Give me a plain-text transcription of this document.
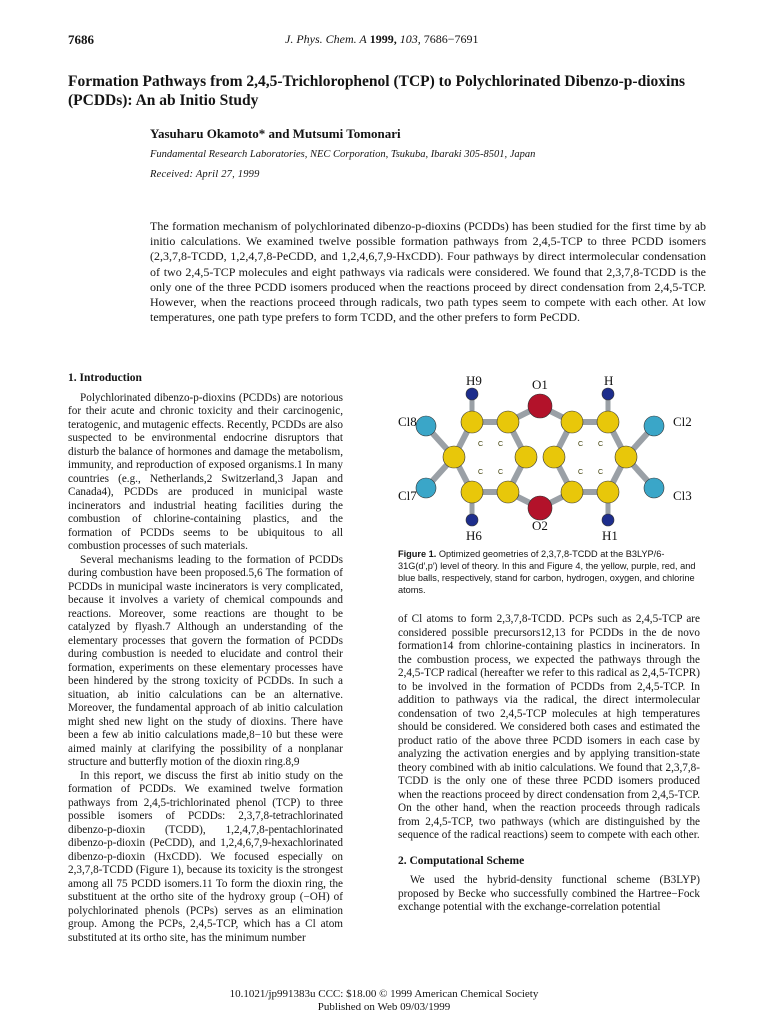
7686	J. Phys. Chem. A 1999, 103, 7686−7691
Formation Pathways from 2,4,5-Trichlorophenol (TCP) to Polychlorinated Dibenzo-p-dioxins (PCDDs): An ab Initio Study
Yasuharu Okamoto* and Mutsumi Tomonari
Fundamental Research Laboratories, NEC Corporation, Tsukuba, Ibaraki 305-8501, Japan
Received: April 27, 1999
The formation mechanism of polychlorinated dibenzo-p-dioxins (PCDDs) has been studied for the first time by ab initio calculations. We examined twelve possible formation pathways from 2,4,5-TCP to three PCDD isomers (2,3,7,8-TCDD, 1,2,4,7,8-PeCDD, and 1,2,4,6,7,9-HxCDD). Four pathways by direct intermolecular condensation of two 2,4,5-TCP molecules and eight pathways via radicals were considered. We found that 2,3,7,8-TCDD is the only one of the three PCDD isomers produced when the reactions proceed by direct condensation from 2,4,5-TCP. However, when the reactions proceed through radicals, two path types seem to compete with each other. At low temperatures, one path type prefers to form TCDD, and the other prefers to form PeCDD.
1. Introduction

Polychlorinated dibenzo-p-dioxins (PCDDs) are notorious for their acute and chronic toxicity and their carcinogenic, teratogenic, and mutagenic effects. Recently, PCDDs are also suspected to be environmental endocrine disruptors that disturb the balance of hormones and damage the metabolism, immunity, and reproduction of exposed organisms.1 In many countries (e.g., Netherlands,2 Switzerland,3 Japan and Canada4), PCDDs are produced in municipal waste incinerators and industrial heating facilities during the combustion of chlorine-containing plastics, and the formation of PCDDs seems to be ubiquitous to all combustion processes of such materials.

Several mechanisms leading to the formation of PCDDs during combustion have been proposed.5,6 The formation of PCDDs in municipal waste incinerators is very complicated, because it involves a variety of chemical compounds and reactions. Moreover, some reactions are thought to be catalyzed by flyash.7 Although an understanding of the elementary processes that govern the formation of PCDDs during combustion is needed to elucidate and control their formation, experiments on these elementary processes have been hindered by the strong toxicity of PCDDs. In such a situation, ab initio calculations can be an alternative. Moreover, the fundamental approach of ab initio calculation might shed new light on the study of dioxins. There have been a few ab initio calculations made,8−10 but these were aimed mainly at clarifying the possibility of a nonplanar structure and butterfly motion of the dioxin ring.8,9

In this report, we discuss the first ab initio study on the formation of PCDDs. We examined twelve formation pathways from 2,4,5-trichlorinated phenol (TCP) to three possible isomers of PCDDs: 2,3,7,8-tetrachlorinated dibenzo-p-dioxin (TCDD), 1,2,4,7,8-pentachlorinated dibenzo-p-dioxin (PeCDD), and 1,2,4,6,7,9-hexachlorinated dibenzo-p-dioxin (HxCDD). We focused especially on 2,3,7,8-TCDD (Figure 1), because its toxicity is the strongest among all 75 PCDD isomers.11 To form the dioxin ring, the substituent at the ortho site of the hydroxy group (−OH) of polychlorinated phenols (PCPs) serves as an elimination group. Among the PCPs, 2,4,5-TCP, which has a Cl atom substituted at its ortho site, has the minimum number

C C
C C
C C
C C
H9	H
O1
Cl8	Cl2
Cl7	Cl3
O2
H6	H1
Figure 1. Optimized geometries of 2,3,7,8-TCDD at the B3LYP/6-31G(d′,p′) level of theory. In this and Figure 4, the yellow, purple, red, and blue balls, respectively, stand for carbon, hydrogen, oxygen, and chlorine atoms.

of Cl atoms to form 2,3,7,8-TCDD. PCPs such as 2,4,5-TCP are considered possible precursors12,13 for PCDDs in the de novo formation14 from chlorine-containing plastics in incinerators. In the combustion process, we expected the pathways through the 2,4,5-TCP radical (hereafter we refer to this radical as 2,4,5-TCPR) to be involved in the formation of PCDDs from 2,4,5-TCP. In addition to pathways via the radical, the direct intermolecular condensation of two 2,4,5-TCP molecules at high temperatures should be considered. We considered both cases and estimated the product ratio of the above three PCDD isomers in each case by analyzing the activation energies and by applying transition-state theory combined with ab initio calculations. We found that 2,3,7,8-TCDD is the only one of these three PCDD isomers produced when the reactions proceed by direct condensation from 2,4,5-TCP. On the other hand, when the reaction proceeds through radicals from 2,4,5-TCP, two pathways (which are distinguished by the sequence of the radical reactions) seem to compete with each other.

2. Computational Scheme

We used the hybrid-density functional scheme (B3LYP) proposed by Becke who successfully combined the Hartree−Fock exchange potential with the exchange-correlation potential

10.1021/jp991383u CCC: $18.00 © 1999 American Chemical Society
Published on Web 09/03/1999
